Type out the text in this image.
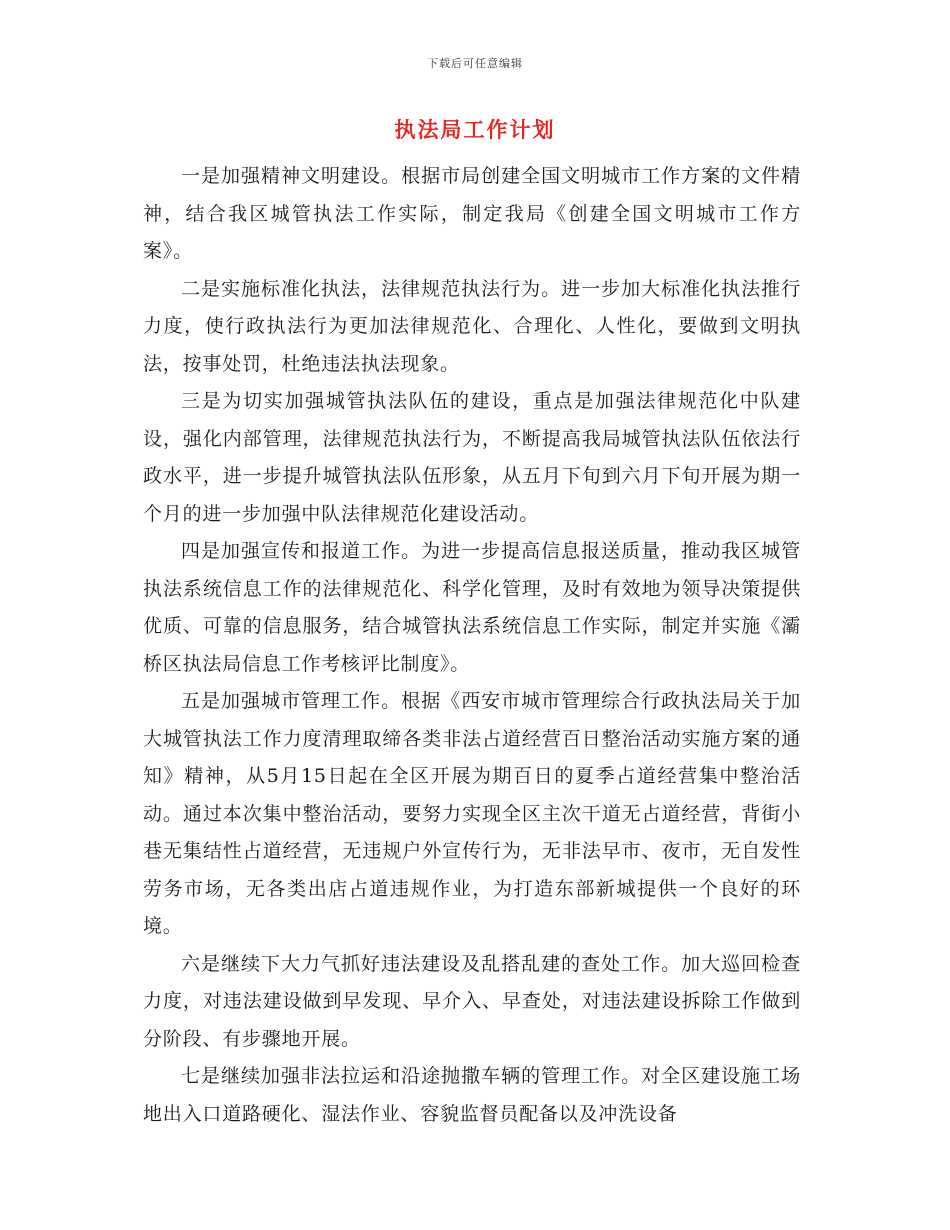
下载后可任意编辑
执法局工作计划

一是加强精神文明建设。根据市局创建全国文明城市工作方案的文件精神，结合我区城管执法工作实际，制定我局《创建全国文明城市工作方案》。

二是实施标准化执法，法律规范执法行为。进一步加大标准化执法推行力度，使行政执法行为更加法律规范化、合理化、人性化，要做到文明执法，按事处罚，杜绝违法执法现象。

三是为切实加强城管执法队伍的建设，重点是加强法律规范化中队建设，强化内部管理，法律规范执法行为，不断提高我局城管执法队伍依法行政水平，进一步提升城管执法队伍形象，从五月下旬到六月下旬开展为期一个月的进一步加强中队法律规范化建设活动。

四是加强宣传和报道工作。为进一步提高信息报送质量，推动我区城管执法系统信息工作的法律规范化、科学化管理，及时有效地为领导决策提供优质、可靠的信息服务，结合城管执法系统信息工作实际，制定并实施《灞桥区执法局信息工作考核评比制度》。

五是加强城市管理工作。根据《西安市城市管理综合行政执法局关于加大城管执法工作力度清理取缔各类非法占道经营百日整治活动实施方案的通知》精神，从5月15日起在全区开展为期百日的夏季占道经营集中整治活动。通过本次集中整治活动，要努力实现全区主次干道无占道经营，背街小巷无集结性占道经营，无违规户外宣传行为，无非法早市、夜市，无自发性劳务市场，无各类出店占道违规作业，为打造东部新城提供一个良好的环境。

六是继续下大力气抓好违法建设及乱搭乱建的查处工作。加大巡回检查力度，对违法建设做到早发现、早介入、早查处，对违法建设拆除工作做到分阶段、有步骤地开展。

七是继续加强非法拉运和沿途抛撒车辆的管理工作。对全区建设施工场地出入口道路硬化、湿法作业、容貌监督员配备以及冲洗设备
